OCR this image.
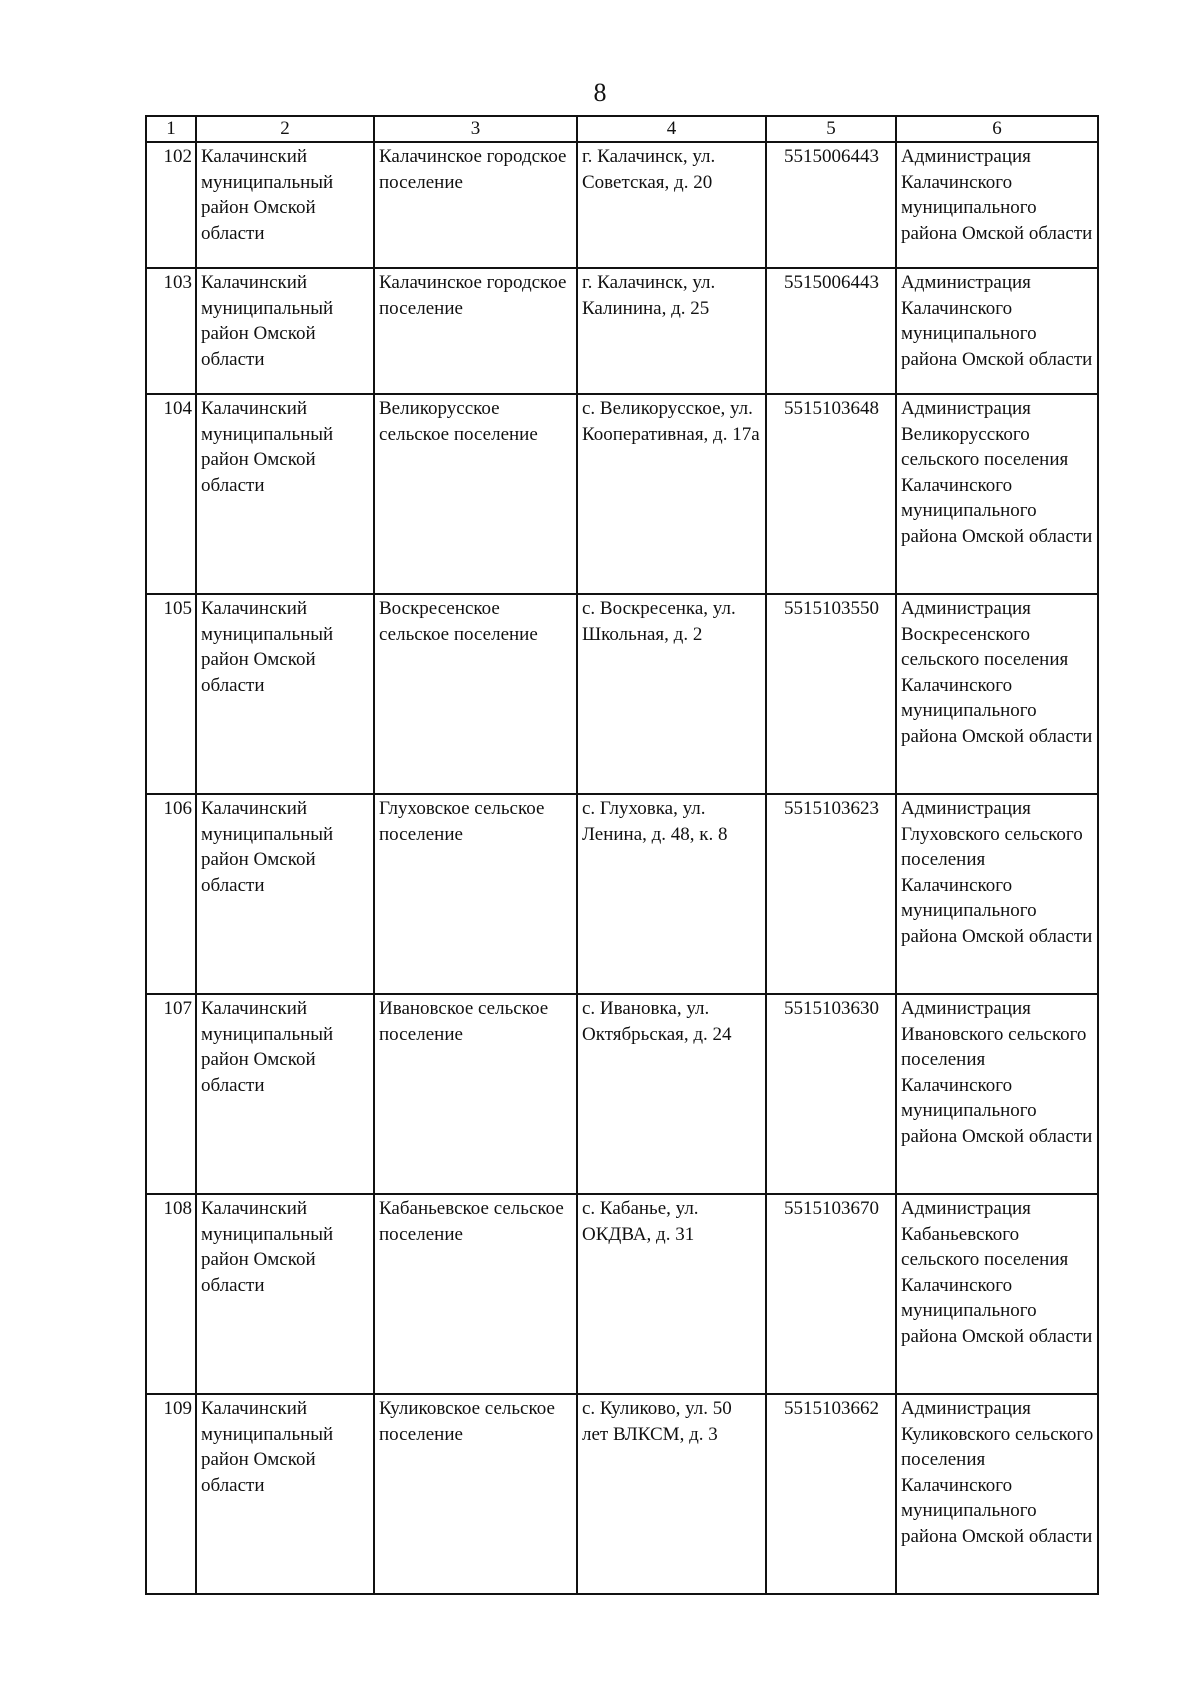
8
1	2	3	4	5	6
102	Калачинский муниципальный район Омской области	Калачинское городское поселение	г. Калачинск, ул. Советская, д. 20	5515006443	Администрация Калачинского муниципального района Омской области
103	Калачинский муниципальный район Омской области	Калачинское городское поселение	г. Калачинск, ул. Калинина, д. 25	5515006443	Администрация Калачинского муниципального района Омской области
104	Калачинский муниципальный район Омской области	Великорусское сельское поселение	с. Великорусское, ул. Кооперативная, д. 17а	5515103648	Администрация Великорусского сельского поселения Калачинского муниципального района Омской области
105	Калачинский муниципальный район Омской области	Воскресенское сельское поселение	с. Воскресенка, ул. Школьная, д. 2	5515103550	Администрация Воскресенского сельского поселения Калачинского муниципального района Омской области
106	Калачинский муниципальный район Омской области	Глуховское сельское поселение	с. Глуховка, ул. Ленина, д. 48, к. 8	5515103623	Администрация Глуховского сельского поселения Калачинского муниципального района Омской области
107	Калачинский муниципальный район Омской области	Ивановское сельское поселение	с. Ивановка, ул. Октябрьская, д. 24	5515103630	Администрация Ивановского сельского поселения Калачинского муниципального района Омской области
108	Калачинский муниципальный район Омской области	Кабаньевское сельское поселение	с. Кабанье, ул. ОКДВА, д. 31	5515103670	Администрация Кабаньевского сельского поселения Калачинского муниципального района Омской области
109	Калачинский муниципальный район Омской области	Куликовское сельское поселение	с. Куликово, ул. 50 лет ВЛКСМ, д. 3	5515103662	Администрация Куликовского сельского поселения Калачинского муниципального района Омской области
